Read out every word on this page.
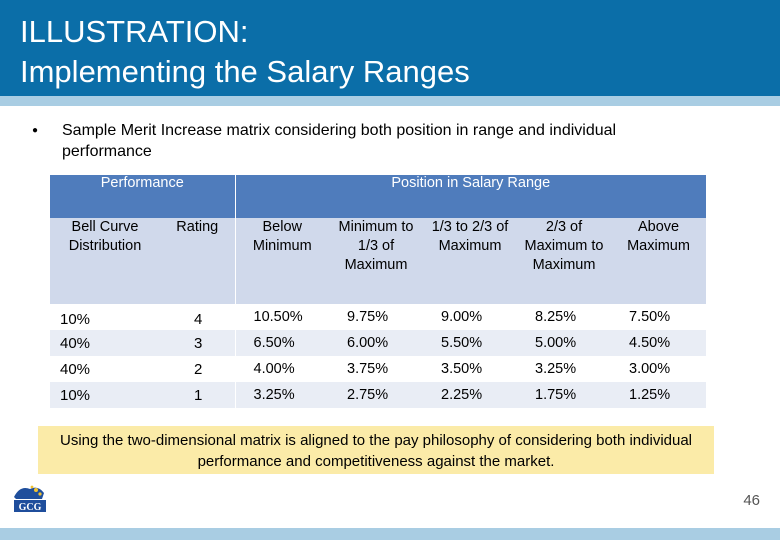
ILLUSTRATION:
Implementing the Salary Ranges
●	Sample Merit Increase matrix considering both position in range and individual performance
Performance		Position in Salary Range				
Bell Curve Distribution	Rating	Below Minimum	Minimum to 1/3 of Maximum	1/3 to 2/3 of Maximum	2/3 of Maximum to Maximum	Above Maximum
10%	4	10.50%	9.75%	9.00%	8.25%	7.50%
40%	3	6.50%	6.00%	5.50%	5.00%	4.50%
40%	2	4.00%	3.75%	3.50%	3.25%	3.00%
10%	1	3.25%	2.75%	2.25%	1.75%	1.25%
Using the two-dimensional matrix is aligned to the pay philosophy of considering both individual performance and competitiveness against the market.
GCG	46
